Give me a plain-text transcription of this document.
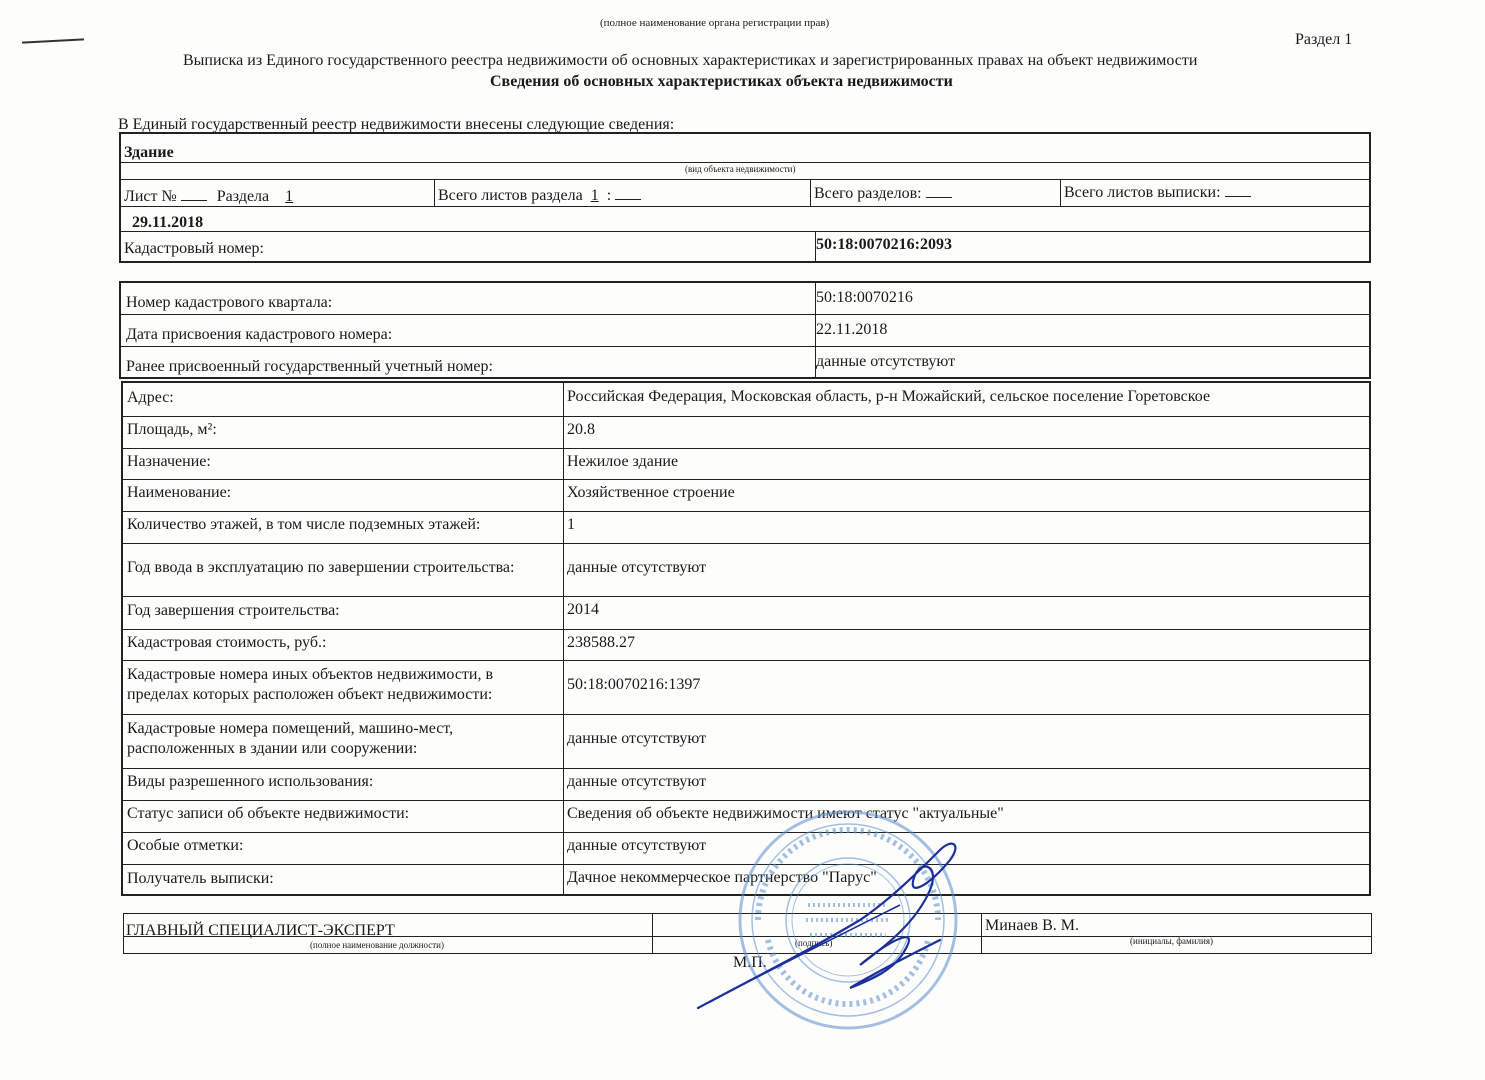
(полное наименование органа регистрации прав)
Раздел 1
Выписка из Единого государственного реестра недвижимости об основных характеристиках и зарегистрированных правах на объект недвижимости
Сведения об основных характеристиках объекта недвижимости
В Единый государственный реестр недвижимости внесены следующие сведения:
Здание
(вид объекта недвижимости)
Лист №	Раздела 1	Всего листов раздела 1 :	Всего разделов:	Всего листов выписки:
29.11.2018
Кадастровый номер:	50:18:0070216:2093
Номер кадастрового квартала:	50:18:0070216
Дата присвоения кадастрового номера:	22.11.2018
Ранее присвоенный государственный учетный номер:	данные отсутствуют
Адрес:	Российская Федерация, Московская область, р-н Можайский, сельское поселение Горетовское
Площадь, м²:	20.8
Назначение:	Нежилое здание
Наименование:	Хозяйственное строение
Количество этажей, в том числе подземных этажей:	1
Год ввода в эксплуатацию по завершении строительства:	данные отсутствуют
Год завершения строительства:	2014
Кадастровая стоимость, руб.:	238588.27
Кадастровые номера иных объектов недвижимости, в пределах которых расположен объект недвижимости:
50:18:0070216:1397
Кадастровые номера помещений, машино-мест, расположенных в здании или сооружении:
данные отсутствуют
Виды разрешенного использования:	данные отсутствуют
Статус записи об объекте недвижимости:	Сведения об объекте недвижимости имеют статус "актуальные"
Особые отметки:	данные отсутствуют
Получатель выписки:	Дачное некоммерческое партнерство "Парус"
ГЛАВНЫЙ СПЕЦИАЛИСТ-ЭКСПЕРТ
(полное наименование должности)	(подпись)
Минаев В. М.
(инициалы, фамилия)
М.П.
